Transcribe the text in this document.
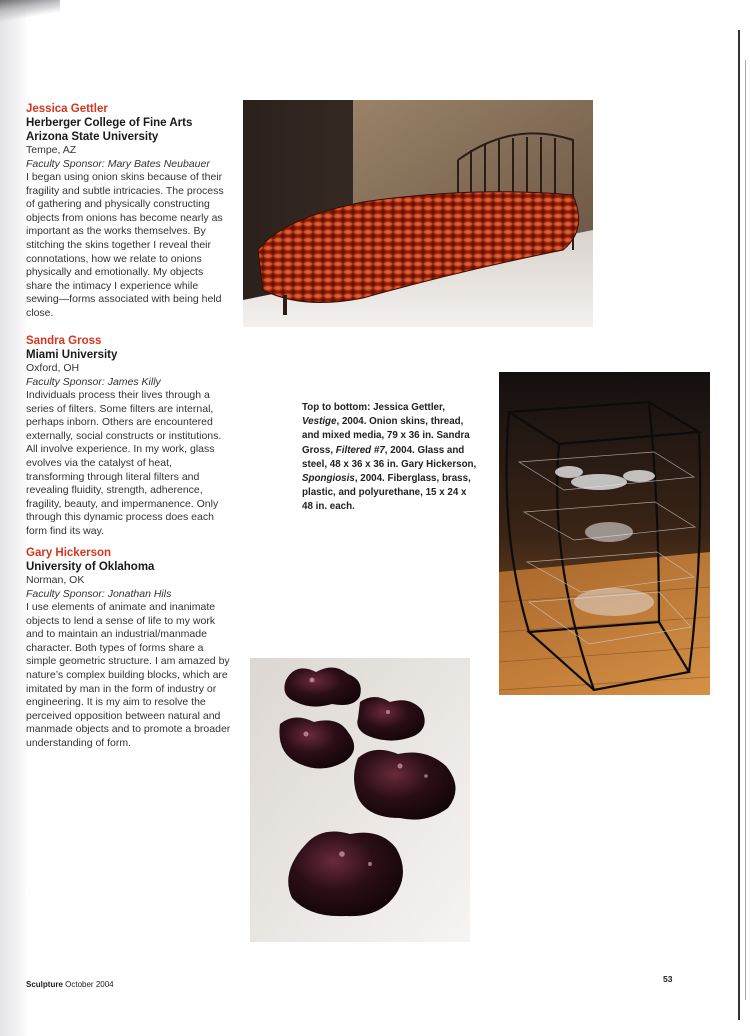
Jessica Gettler
Herberger College of Fine Arts
Arizona State University
Tempe, AZ
Faculty Sponsor: Mary Bates Neubauer
I began using onion skins because of their fragility and subtle intricacies. The process of gathering and physically constructing objects from onions has become nearly as important as the works themselves. By stitching the skins together I reveal their connotations, how we relate to onions physically and emotionally. My objects share the intimacy I experience while sewing—forms associated with being held close.
Sandra Gross
Miami University
Oxford, OH
Faculty Sponsor: James Killy
Individuals process their lives through a series of filters. Some filters are internal, perhaps inborn. Others are encountered externally, social constructs or institutions. All involve experience. In my work, glass evolves via the catalyst of heat, transforming through literal filters and revealing fluidity, strength, adherence, fragility, beauty, and impermanence. Only through this dynamic process does each form find its way.
Gary Hickerson
University of Oklahoma
Norman, OK
Faculty Sponsor: Jonathan Hils
I use elements of animate and inanimate objects to lend a sense of life to my work and to maintain an industrial/manmade character. Both types of forms share a simple geometric structure. I am amazed by nature’s complex building blocks, which are imitated by man in the form of industry or engineering. It is my aim to resolve the perceived opposition between natural and manmade objects and to promote a broader understanding of form.
Top to bottom: Jessica Gettler, Vestige, 2004. Onion skins, thread, and mixed media, 79 x 36 in. Sandra Gross, Filtered #7, 2004. Glass and steel, 48 x 36 x 36 in. Gary Hickerson, Spongiosis, 2004. Fiberglass, brass, plastic, and polyurethane, 15 x 24 x 48 in. each.
Sculpture October 2004
53
